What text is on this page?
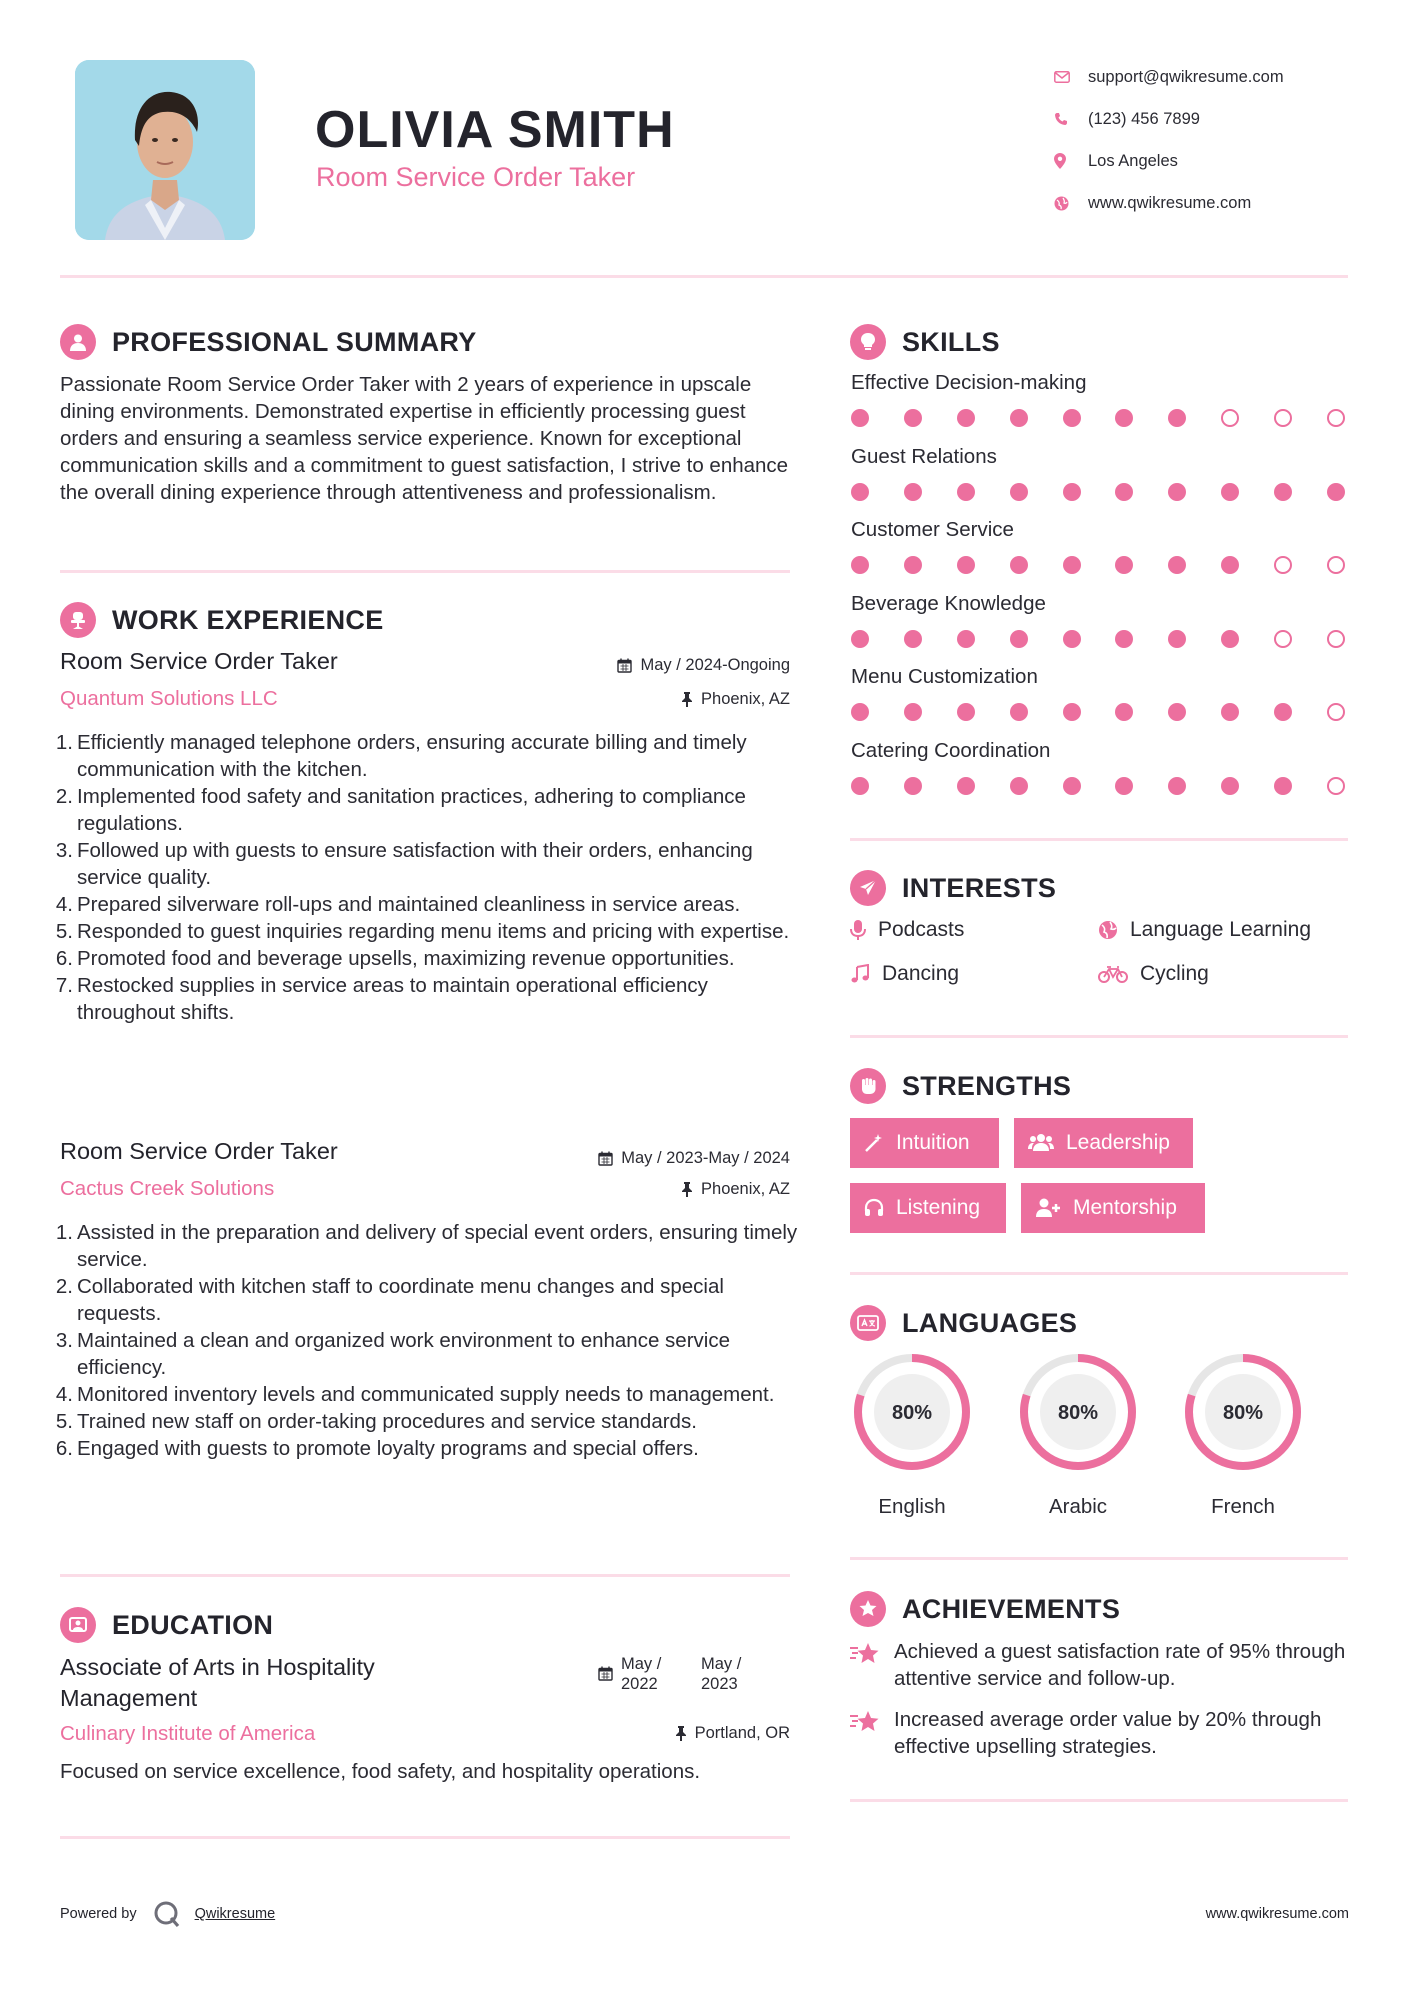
OLIVIA SMITH
Room Service Order Taker
support@qwikresume.com
(123) 456 7899
Los Angeles
www.qwikresume.com
PROFESSIONAL SUMMARY
Passionate Room Service Order Taker with 2 years of experience in upscale dining environments. Demonstrated expertise in efficiently processing guest orders and ensuring a seamless service experience. Known for exceptional communication skills and a commitment to guest satisfaction, I strive to enhance the overall dining experience through attentiveness and professionalism.
WORK EXPERIENCE
Room Service Order Taker	May / 2024-Ongoing
Quantum Solutions LLC	Phoenix, AZ
1. Efficiently managed telephone orders, ensuring accurate billing and timely communication with the kitchen.
2. Implemented food safety and sanitation practices, adhering to compliance regulations.
3. Followed up with guests to ensure satisfaction with their orders, enhancing service quality.
4. Prepared silverware roll-ups and maintained cleanliness in service areas.
5. Responded to guest inquiries regarding menu items and pricing with expertise.
6. Promoted food and beverage upsells, maximizing revenue opportunities.
7. Restocked supplies in service areas to maintain operational efficiency throughout shifts.
Room Service Order Taker	May / 2023-May / 2024
Cactus Creek Solutions	Phoenix, AZ
1. Assisted in the preparation and delivery of special event orders, ensuring timely service.
2. Collaborated with kitchen staff to coordinate menu changes and special requests.
3. Maintained a clean and organized work environment to enhance service efficiency.
4. Monitored inventory levels and communicated supply needs to management.
5. Trained new staff on order-taking procedures and service standards.
6. Engaged with guests to promote loyalty programs and special offers.
EDUCATION
Associate of Arts in Hospitality Management
May / 2022
May / 2023
Culinary Institute of America	Portland, OR
Focused on service excellence, food safety, and hospitality operations.
SKILLS
Effective Decision-making
Guest Relations
Customer Service
Beverage Knowledge
Menu Customization
Catering Coordination
INTERESTS
Podcasts	Language Learning
Dancing	Cycling
STRENGTHS
Intuition	Leadership
Listening	Mentorship
LANGUAGES
80%
English
80%
Arabic
80%
French
ACHIEVEMENTS
Achieved a guest satisfaction rate of 95% through attentive service and follow-up.
Increased average order value by 20% through effective upselling strategies.
Powered by	Qwikresume	www.qwikresume.com
